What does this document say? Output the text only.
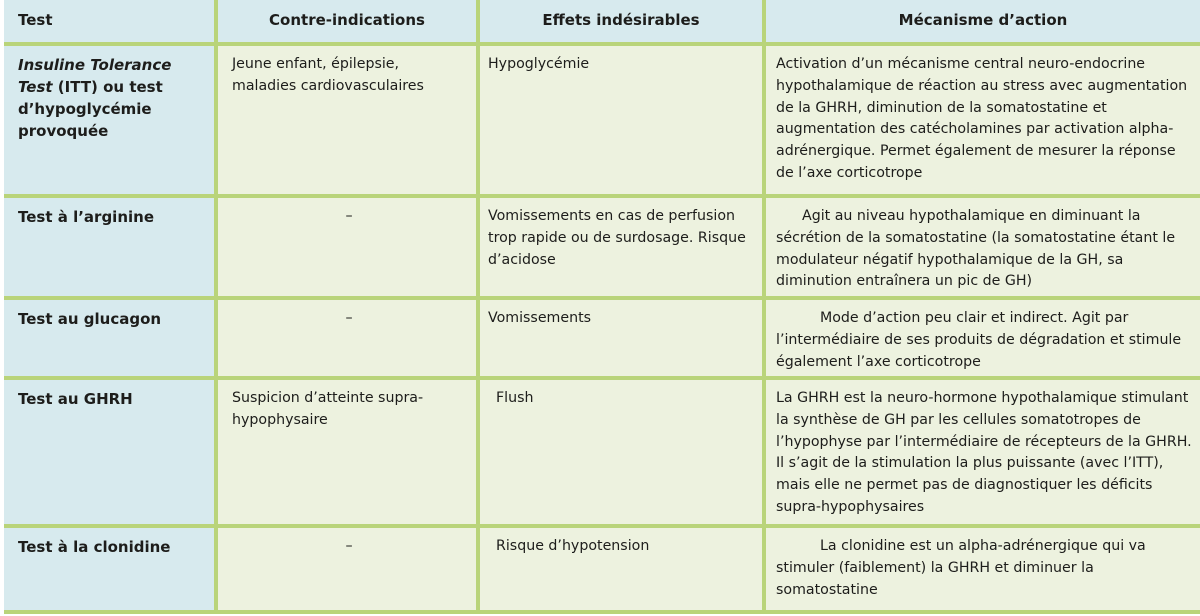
Test	Contre-indications	Effets indésirables	Mécanisme d’action
Insuline Tolerance Test (ITT) ou test d’hypoglycémie provoquée	Jeune enfant, épilepsie, maladies cardiovasculaires	Hypoglycémie	Activation d’un mécanisme central neuro-endocrine hypothalamique de réaction au stress avec augmentation de la GHRH, diminution de la somatostatine et augmentation des catécholamines par activation alpha-adrénergique. Permet également de mesurer la réponse de l’axe corticotrope
Test à l’arginine	–	Vomissements en cas de perfusion trop rapide ou de surdosage. Risque d’acidose	Agit au niveau hypothalamique en diminuant la sécrétion de la somatostatine (la somatostatine étant le modulateur négatif hypothalamique de la GH, sa diminution entraînera un pic de GH)
Test au glucagon	–	Vomissements	Mode d’action peu clair et indirect. Agit par l’intermédiaire de ses produits de dégradation et stimule également l’axe corticotrope
Test au GHRH	Suspicion d’atteinte supra-hypophysaire	Flush	La GHRH est la neuro-hormone hypothalamique stimulant la synthèse de GH par les cellules somatotropes de l’hypophyse par l’intermédiaire de récepteurs de la GHRH. Il s’agit de la stimulation la plus puissante (avec l’ITT), mais elle ne permet pas de diagnostiquer les déficits supra-hypophysaires
Test à la clonidine	–	Risque d’hypotension	La clonidine est un alpha-adrénergique qui va stimuler (faiblement) la GHRH et diminuer la somatostatine
